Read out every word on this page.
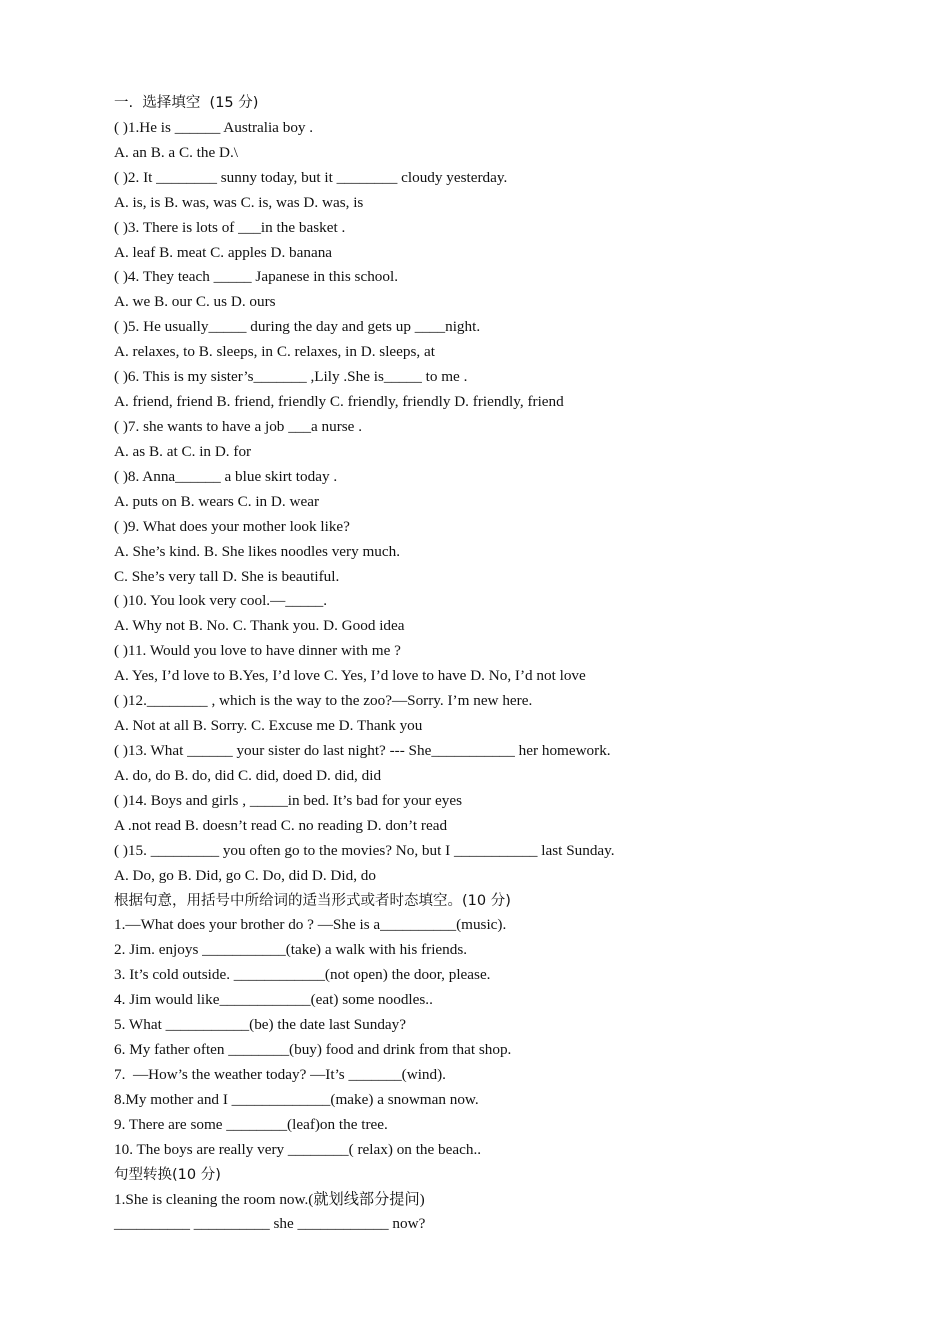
一.  选择填空  (15 分)
( )1.He is ______ Australia boy .
A. an B. a C. the D.\
( )2. It ________ sunny today, but it ________ cloudy yesterday.
A. is, is B. was, was C. is, was D. was, is
( )3. There is lots of ___in the basket .
A. leaf B. meat C. apples D. banana
( )4. They teach _____ Japanese in this school.
A. we B. our C. us D. ours
( )5. He usually_____ during the day and gets up ____night.
A. relaxes, to B. sleeps, in C. relaxes, in D. sleeps, at
( )6. This is my sister’s_______ ,Lily .She is_____ to me .
A. friend, friend B. friend, friendly C. friendly, friendly D. friendly, friend
( )7. she wants to have a job ___a nurse .
A. as B. at C. in D. for
( )8. Anna______ a blue skirt today .
A. puts on B. wears C. in D. wear
( )9. What does your mother look like?
A. She’s kind. B. She likes noodles very much.
C. She’s very tall D. She is beautiful.
( )10. You look very cool.—_____.
A. Why not B. No. C. Thank you. D. Good idea
( )11. Would you love to have dinner with me ?
A. Yes, I’d love to B.Yes, I’d love C. Yes, I’d love to have D. No, I’d not love
( )12.________ , which is the way to the zoo?—Sorry. I’m new here.
A. Not at all B. Sorry. C. Excuse me D. Thank you
( )13. What ______ your sister do last night? --- She___________ her homework.
A. do, do B. do, did C. did, doed D. did, did
( )14. Boys and girls , _____in bed. It’s bad for your eyes
A .not read B. doesn’t read C. no reading D. don’t read
( )15. _________ you often go to the movies? No, but I ___________ last Sunday.
A. Do, go B. Did, go C. Do, did D. Did, do
根据句意，用括号中所给词的适当形式或者时态填空。(10 分)
1.—What does your brother do ? —She is a__________(music).
2. Jim. enjoys ___________(take) a walk with his friends.
3. It’s cold outside. ____________(not open) the door, please.
4. Jim would like____________(eat) some noodles..
5. What ___________(be) the date last Sunday?
6. My father often ________(buy) food and drink from that shop.
7.  —How’s the weather today? —It’s _______(wind).
8.My mother and I _____________(make) a snowman now.
9. There are some ________(leaf)on the tree.
10. The boys are really very ________( relax) on the beach..
句型转换(10 分)
1.She is cleaning the room now.(就划线部分提问)
__________ __________ she ____________ now?
